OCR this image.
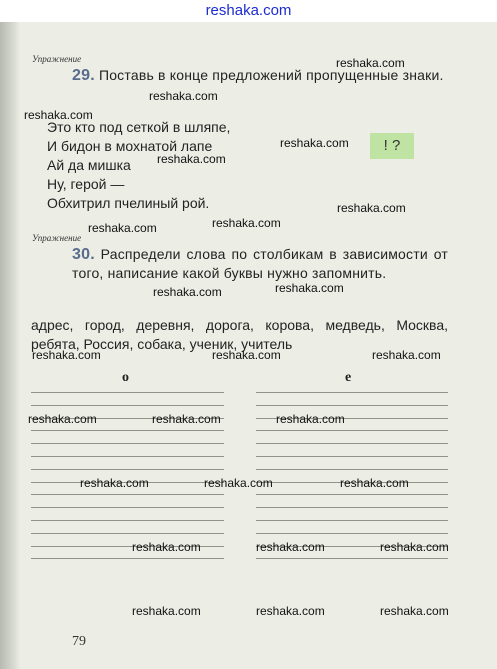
reshaka.com
Упражнение
29. Поставь в конце предложений пропущенные знаки.
Это кто под сеткой в шляпе,
И бидон в мохнатой лапе
Ай да мишка
Ну, герой —
Обхитрил пчелиный рой.
! ?
Упражнение
30. Распредели слова по столбикам в зависимости от того, написание какой буквы нужно запомнить.
адрес, город, деревня, дорога, корова, медведь, Москва, ребята, Россия, собака, ученик, учитель
о	е
79
reshaka.com
reshaka.com
reshaka.com
reshaka.com
reshaka.com
reshaka.com
reshaka.com
reshaka.com
reshaka.com
reshaka.com
reshaka.com	reshaka.com	reshaka.com
reshaka.com	reshaka.com	reshaka.com
reshaka.com	reshaka.com	reshaka.com
reshaka.com	reshaka.com	reshaka.com
reshaka.com	reshaka.com	reshaka.com
